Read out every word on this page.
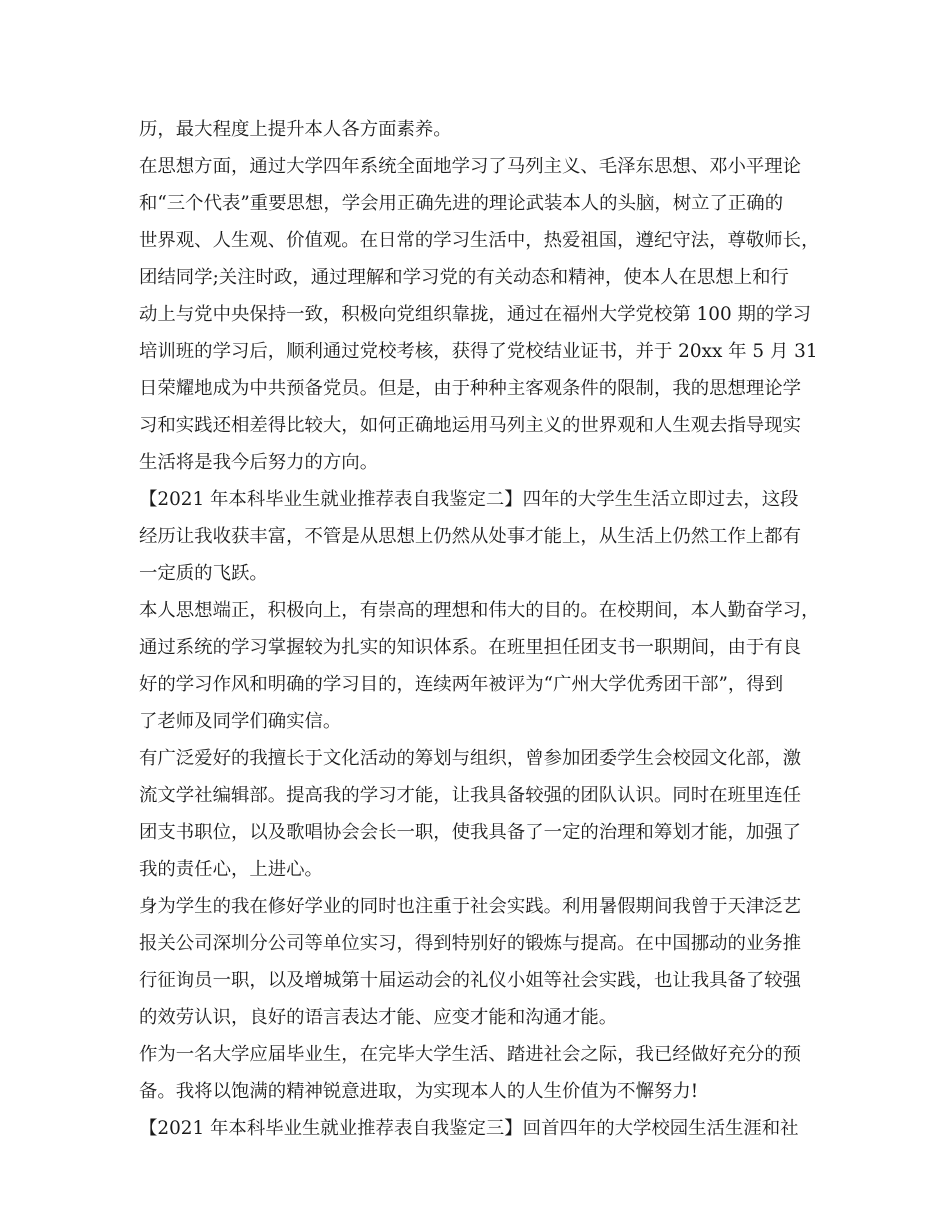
历，最大程度上提升本人各方面素养。
在思想方面，通过大学四年系统全面地学习了马列主义、毛泽东思想、邓小平理论
和“三个代表”重要思想，学会用正确先进的理论武装本人的头脑，树立了正确的
世界观、人生观、价值观。在日常的学习生活中，热爱祖国，遵纪守法，尊敬师长，
团结同学;关注时政，通过理解和学习党的有关动态和精神，使本人在思想上和行
动上与党中央保持一致，积极向党组织靠拢，通过在福州大学党校第 100 期的学习
培训班的学习后，顺利通过党校考核，获得了党校结业证书，并于 20xx 年 5 月 31
日荣耀地成为中共预备党员。但是，由于种种主客观条件的限制，我的思想理论学
习和实践还相差得比较大，如何正确地运用马列主义的世界观和人生观去指导现实
生活将是我今后努力的方向。
【2021 年本科毕业生就业推荐表自我鉴定二】四年的大学生生活立即过去，这段
经历让我收获丰富，不管是从思想上仍然从处事才能上，从生活上仍然工作上都有
一定质的飞跃。
本人思想端正，积极向上，有崇高的理想和伟大的目的。在校期间，本人勤奋学习，
通过系统的学习掌握较为扎实的知识体系。在班里担任团支书一职期间，由于有良
好的学习作风和明确的学习目的，连续两年被评为“广州大学优秀团干部”，得到
了老师及同学们确实信。
有广泛爱好的我擅长于文化活动的筹划与组织，曾参加团委学生会校园文化部，激
流文学社编辑部。提高我的学习才能，让我具备较强的团队认识。同时在班里连任
团支书职位，以及歌唱协会会长一职，使我具备了一定的治理和筹划才能，加强了
我的责任心，上进心。
身为学生的我在修好学业的同时也注重于社会实践。利用暑假期间我曾于天津泛艺
报关公司深圳分公司等单位实习，得到特别好的锻炼与提高。在中国挪动的业务推
行征询员一职，以及增城第十届运动会的礼仪小姐等社会实践，也让我具备了较强
的效劳认识，良好的语言表达才能、应变才能和沟通才能。
作为一名大学应届毕业生，在完毕大学生活、踏进社会之际，我已经做好充分的预
备。我将以饱满的精神锐意进取，为实现本人的人生价值为不懈努力!
【2021 年本科毕业生就业推荐表自我鉴定三】回首四年的大学校园生活生涯和社
